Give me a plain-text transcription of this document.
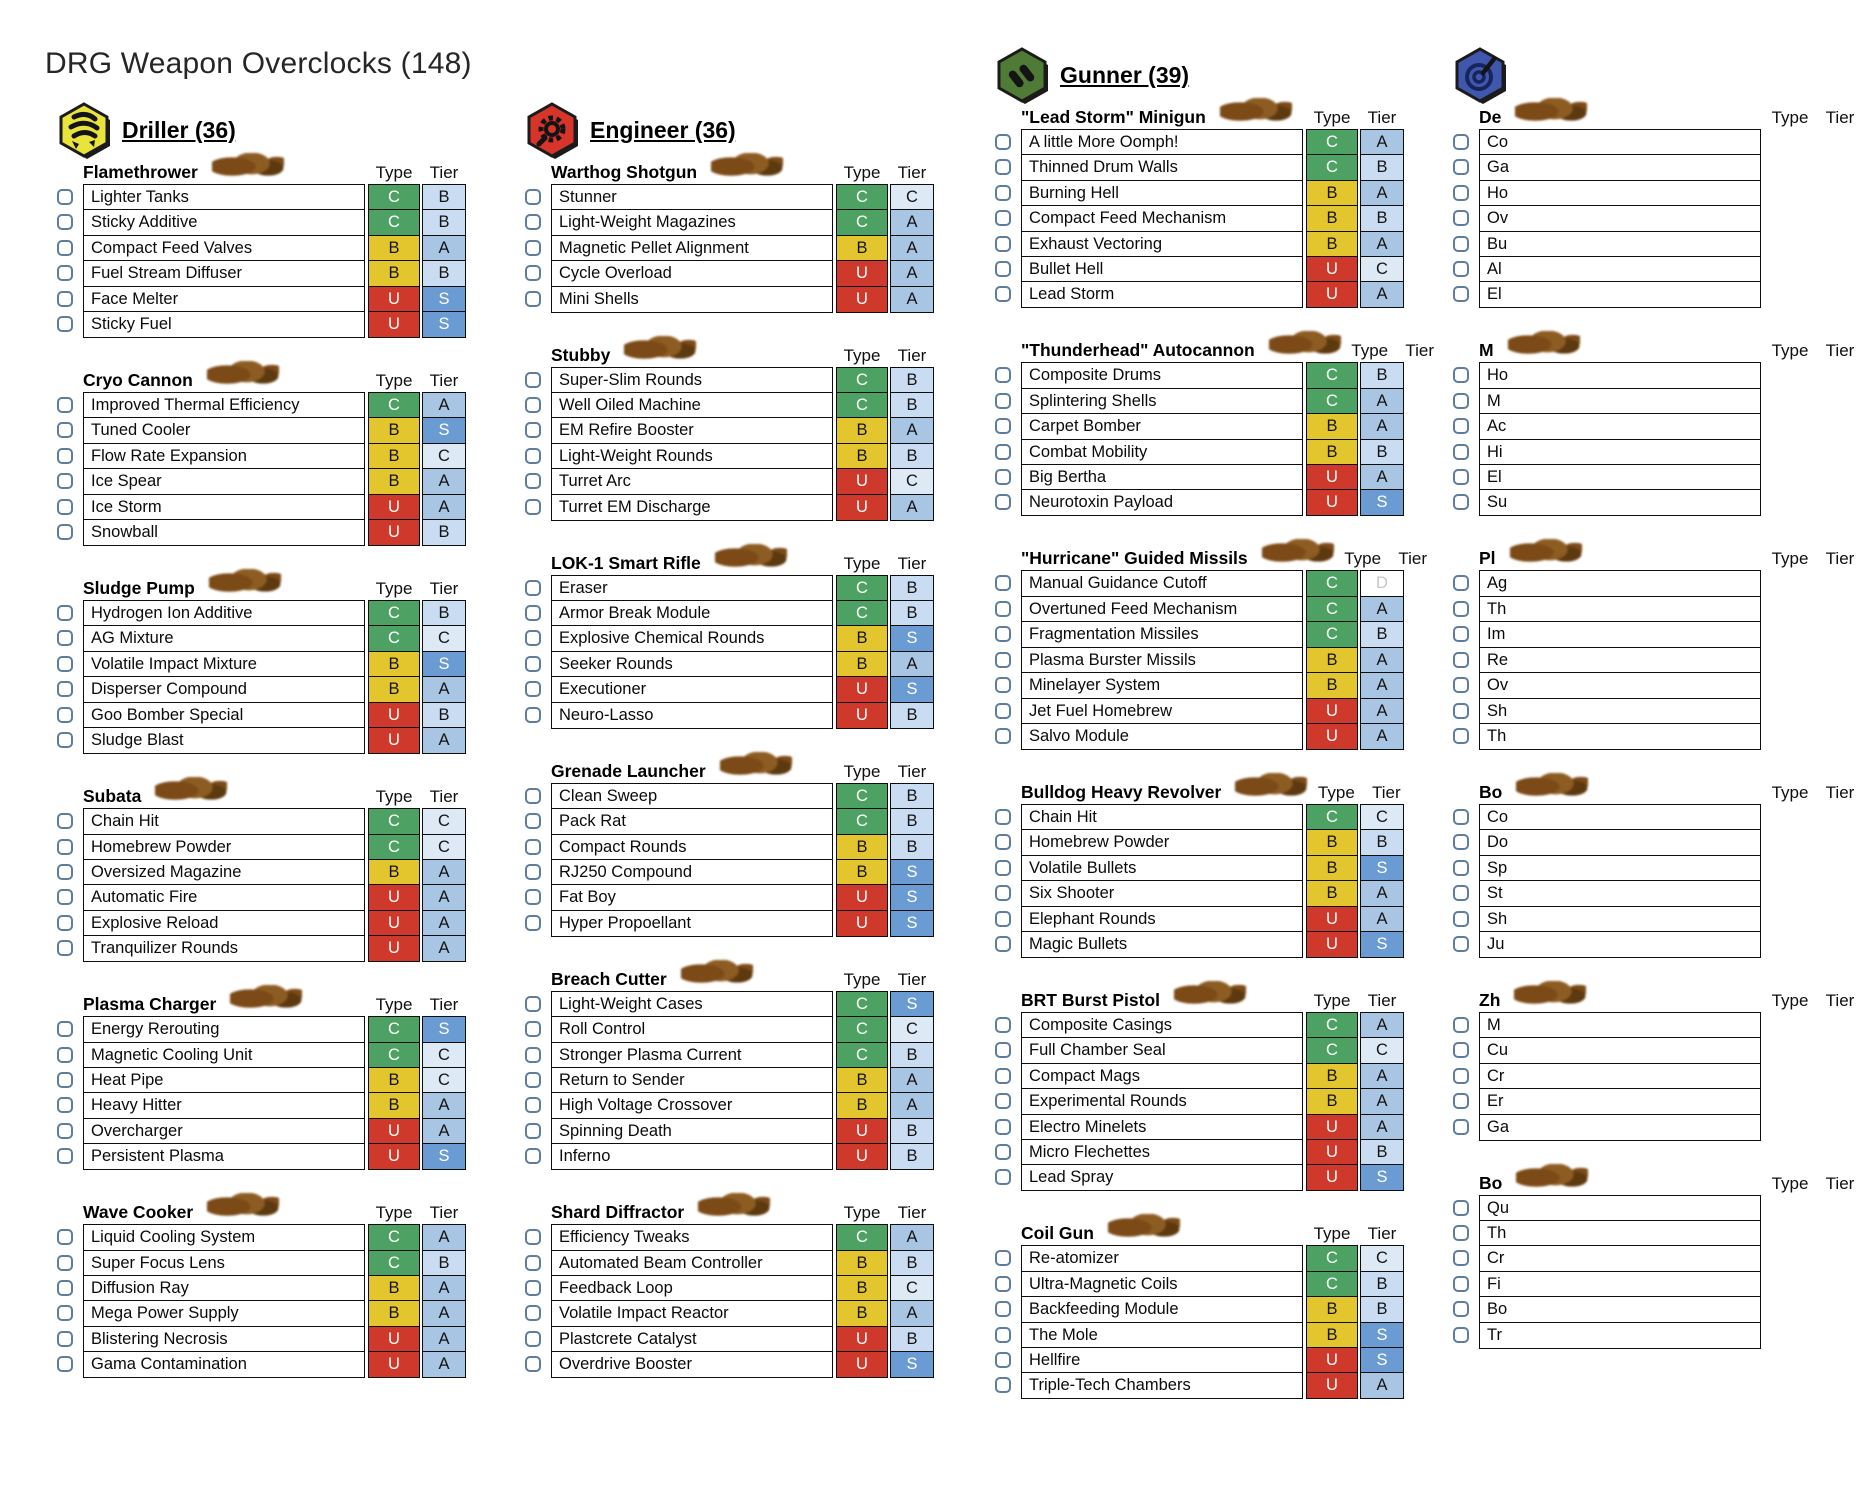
DRG Weapon Overclocks (148)
Driller (36)
Flamethrower	Type	Tier
Lighter Tanks	C	B
Sticky Additive	C	B
Compact Feed Valves	B	A
Fuel Stream Diffuser	B	B
Face Melter	U	S
Sticky Fuel	U	S
Cryo Cannon	Type	Tier
Improved Thermal Efficiency	C	A
Tuned Cooler	B	S
Flow Rate Expansion	B	C
Ice Spear	B	A
Ice Storm	U	A
Snowball	U	B
Sludge Pump	Type	Tier
Hydrogen Ion Additive	C	B
AG Mixture	C	C
Volatile Impact Mixture	B	S
Disperser Compound	B	A
Goo Bomber Special	U	B
Sludge Blast	U	A
Subata	Type	Tier
Chain Hit	C	C
Homebrew Powder	C	C
Oversized Magazine	B	A
Automatic Fire	U	A
Explosive Reload	U	A
Tranquilizer Rounds	U	A
Plasma Charger	Type	Tier
Energy Rerouting	C	S
Magnetic Cooling Unit	C	C
Heat Pipe	B	C
Heavy Hitter	B	A
Overcharger	U	A
Persistent Plasma	U	S
Wave Cooker	Type	Tier
Liquid Cooling System	C	A
Super Focus Lens	C	B
Diffusion Ray	B	A
Mega Power Supply	B	A
Blistering Necrosis	U	A
Gama Contamination	U	A
Engineer (36)
Warthog Shotgun	Type	Tier
Stunner	C	C
Light-Weight Magazines	C	A
Magnetic Pellet Alignment	B	A
Cycle Overload	U	A
Mini Shells	U	A
Stubby	Type	Tier
Super-Slim Rounds	C	B
Well Oiled Machine	C	B
EM Refire Booster	B	A
Light-Weight Rounds	B	B
Turret Arc	U	C
Turret EM Discharge	U	A
LOK-1 Smart Rifle	Type	Tier
Eraser	C	B
Armor Break Module	C	B
Explosive Chemical Rounds	B	S
Seeker Rounds	B	A
Executioner	U	S
Neuro-Lasso	U	B
Grenade Launcher	Type	Tier
Clean Sweep	C	B
Pack Rat	C	B
Compact Rounds	B	B
RJ250 Compound	B	S
Fat Boy	U	S
Hyper Propoellant	U	S
Breach Cutter	Type	Tier
Light-Weight Cases	C	S
Roll Control	C	C
Stronger Plasma Current	C	B
Return to Sender	B	A
High Voltage Crossover	B	A
Spinning Death	U	B
Inferno	U	B
Shard Diffractor	Type	Tier
Efficiency Tweaks	C	A
Automated Beam Controller	B	B
Feedback Loop	B	C
Volatile Impact Reactor	B	A
Plastcrete Catalyst	U	B
Overdrive Booster	U	S
Gunner (39)
"Lead Storm" Minigun	Type	Tier
A little More Oomph!	C	A
Thinned Drum Walls	C	B
Burning Hell	B	A
Compact Feed Mechanism	B	B
Exhaust Vectoring	B	A
Bullet Hell	U	C
Lead Storm	U	A
"Thunderhead" Autocannon	Type	Tier
Composite Drums	C	B
Splintering Shells	C	A
Carpet Bomber	B	A
Combat Mobility	B	B
Big Bertha	U	A
Neurotoxin Payload	U	S
"Hurricane" Guided Missils	Type	Tier
Manual Guidance Cutoff	C	D
Overtuned Feed Mechanism	C	A
Fragmentation Missiles	C	B
Plasma Burster Missils	B	A
Minelayer System	B	A
Jet Fuel Homebrew	U	A
Salvo Module	U	A
Bulldog Heavy Revolver	Type	Tier
Chain Hit	C	C
Homebrew Powder	B	B
Volatile Bullets	B	S
Six Shooter	B	A
Elephant Rounds	U	A
Magic Bullets	U	S
BRT Burst Pistol	Type	Tier
Composite Casings	C	A
Full Chamber Seal	C	C
Compact Mags	B	A
Experimental Rounds	B	A
Electro Minelets	U	A
Micro Flechettes	U	B
Lead Spray	U	S
Coil Gun	Type	Tier
Re-atomizer	C	C
Ultra-Magnetic Coils	C	B
Backfeeding Module	B	B
The Mole	B	S
Hellfire	U	S
Triple-Tech Chambers	U	A
De	Type	Tier
Co
Ga
Ho
Ov
Bu
Al
El
M	Type	Tier
Ho
M
Ac
Hi
El
Su
Pl	Type	Tier
Ag
Th
Im
Re
Ov
Sh
Th
Bo	Type	Tier
Co
Do
Sp
St
Sh
Ju
Zh	Type	Tier
M
Cu
Cr
Er
Ga
Bo	Type	Tier
Qu
Th
Cr
Fi
Bo
Tr
